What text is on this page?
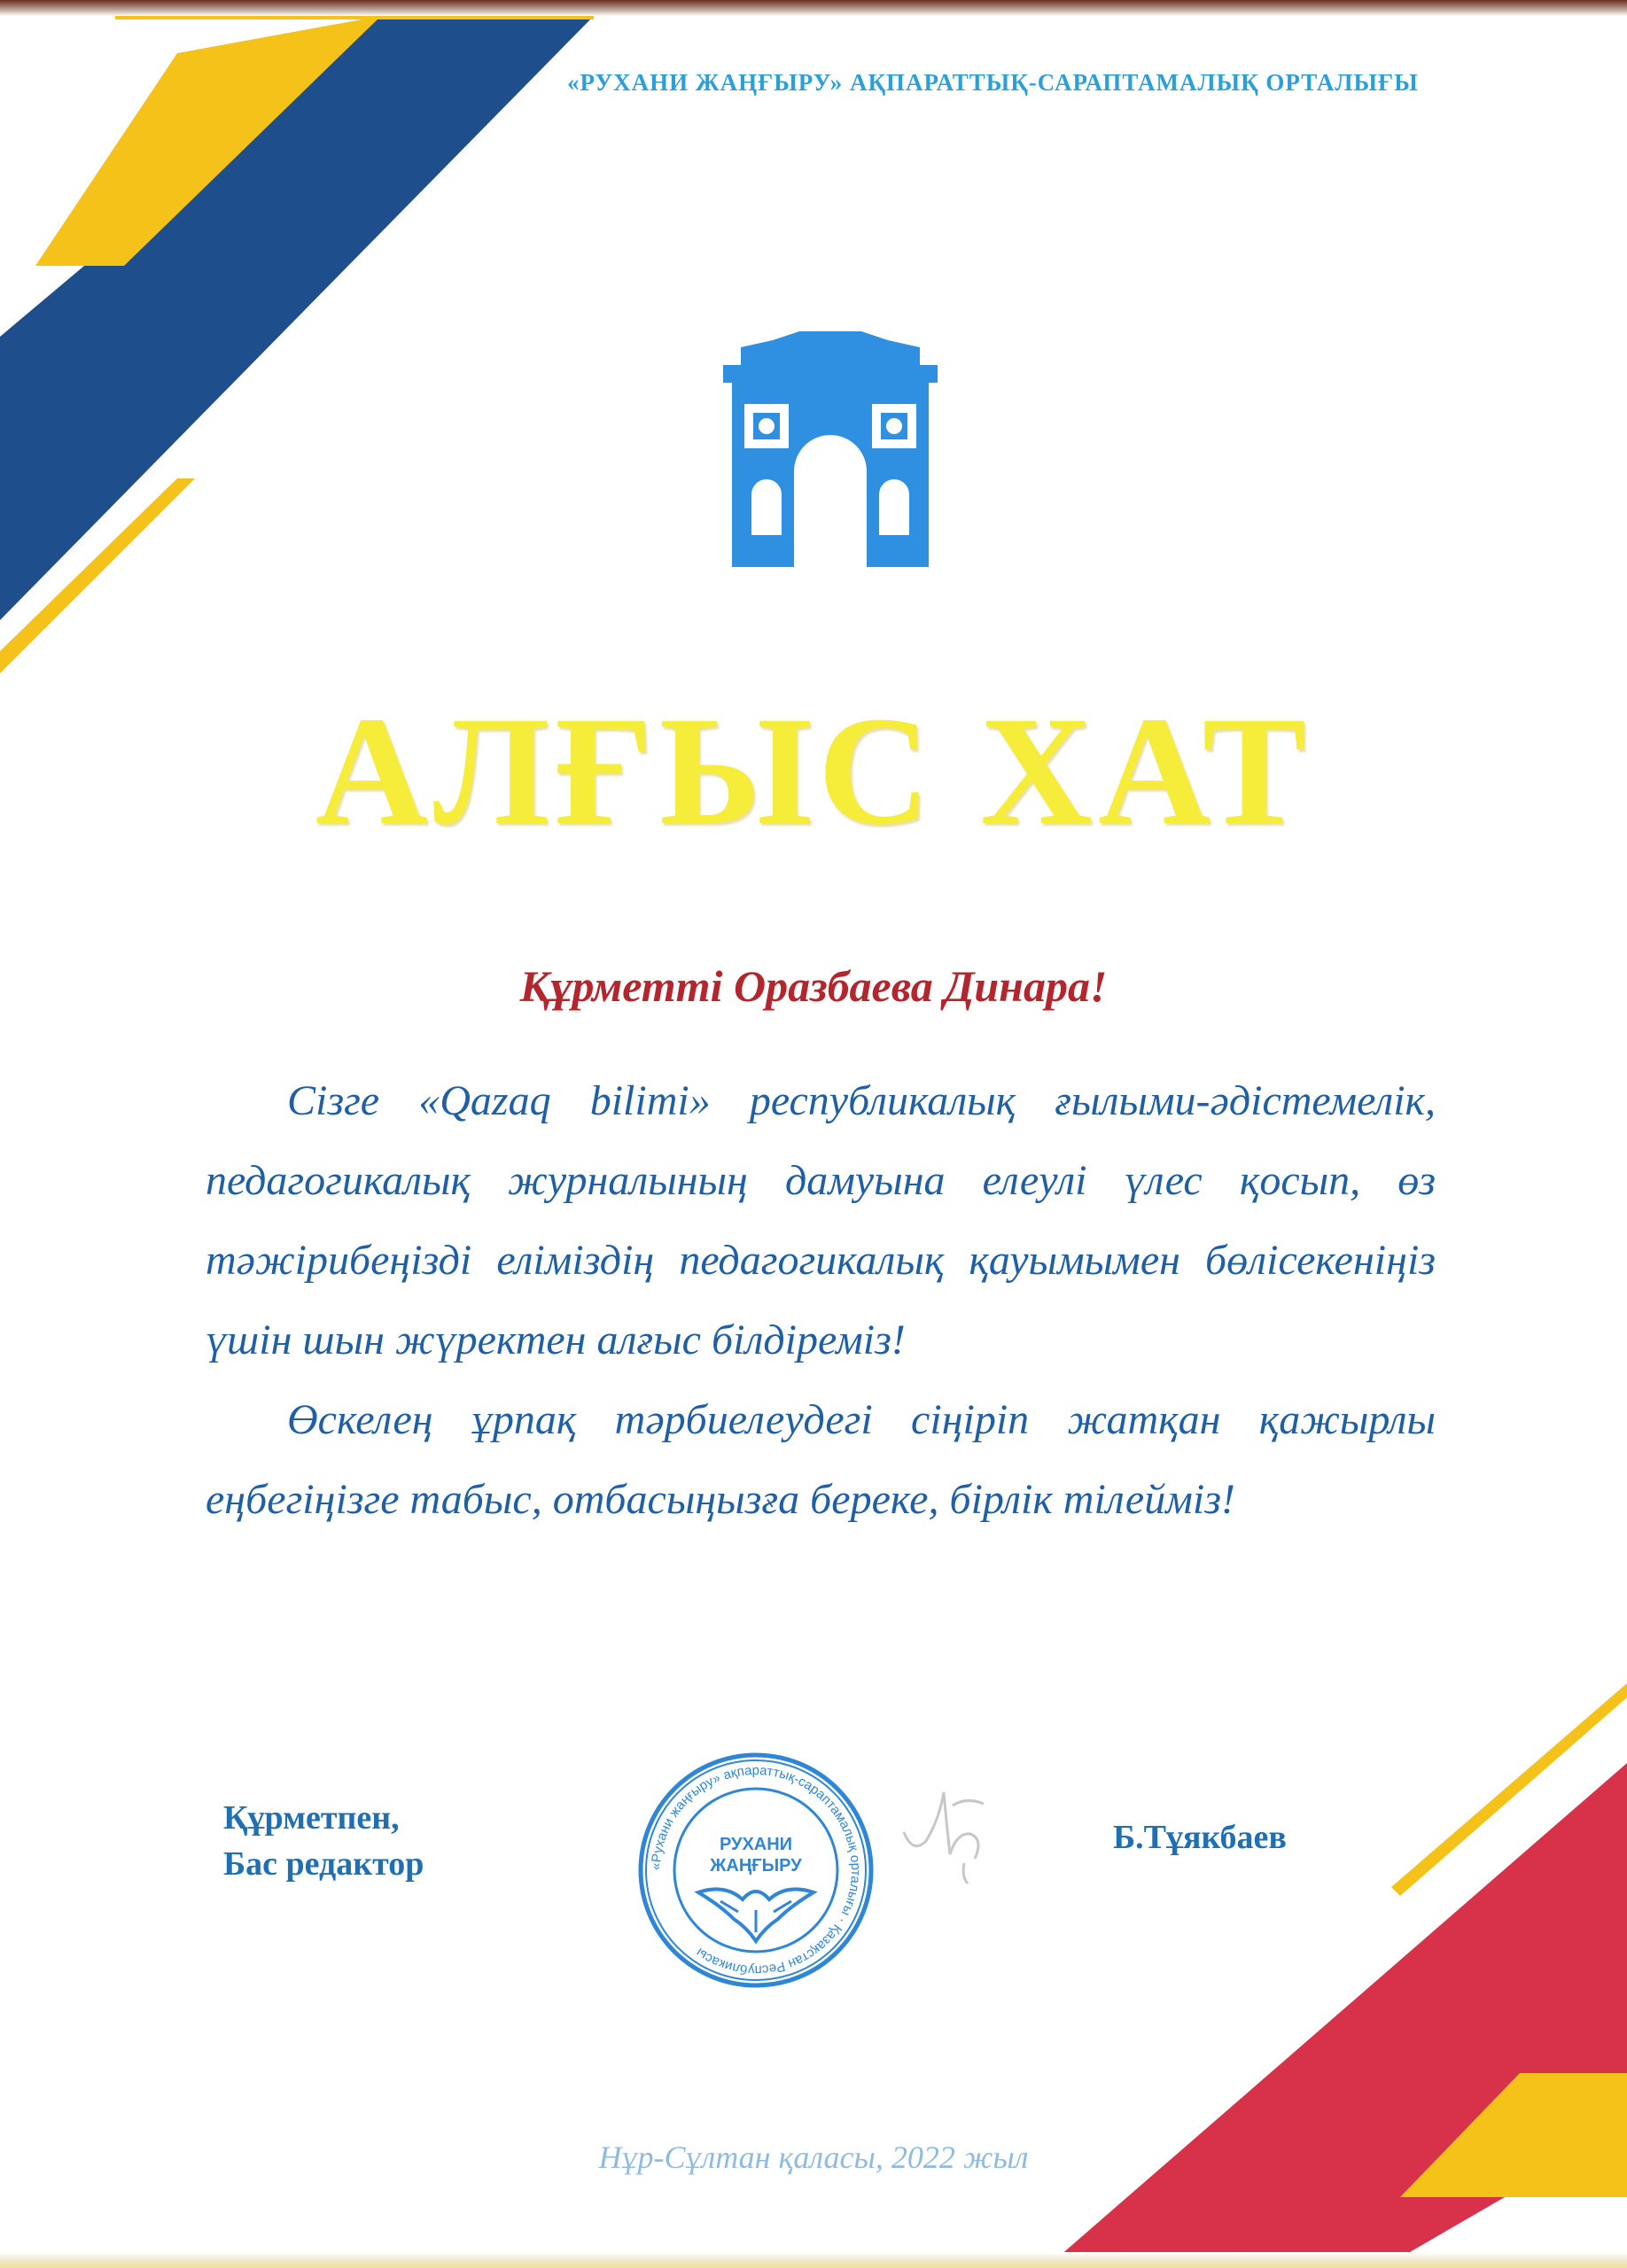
«РУХАНИ ЖАҢҒЫРУ» АҚПАРАТТЫҚ-САРАПТАМАЛЫҚ ОРТАЛЫҒЫ
АЛҒЫС ХАТ
Құрметті Оразбаева Динара!

Сізге «Qazaq bilimi» республикалық ғылыми-әдістемелік, педагогикалық журналының дамуына елеулі үлес қосып, өз тәжірибеңізді еліміздің педагогикалық қауымымен бөлісекеніңіз үшін шын жүректен алғыс білдіреміз!

Өскелең ұрпақ тәрбиелеудегі сіңіріп жатқан қажырлы еңбегіңізге табыс, отбасыңызға береке, бірлік тілейміз!

Құрметпен,
Бас редактор	«Рухани жаңғыру» ақпараттық-сараптамалық орталығы · Қазақстан Республикасы
РУХАНИ
ЖАҢҒЫРУ
Б.Тұякбаев
Нұр-Сұлтан қаласы, 2022 жыл
